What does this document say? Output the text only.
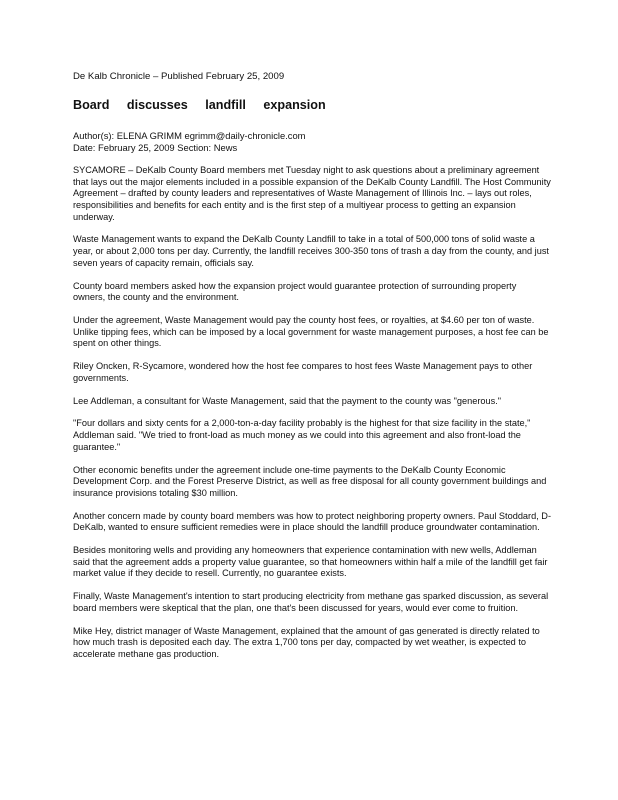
De Kalb Chronicle – Published February 25, 2009

Board discusses landfill expansion

Author(s): ELENA GRIMM egrimm@daily-chronicle.com

Date: February 25, 2009 Section: News

SYCAMORE – DeKalb County Board members met Tuesday night to ask questions about a preliminary agreement that lays out the major elements included in a possible expansion of the DeKalb County Landfill. The Host Community Agreement – drafted by county leaders and representatives of Waste Management of Illinois Inc. – lays out roles, responsibilities and benefits for each entity and is the first step of a multiyear process to getting an expansion underway.

Waste Management wants to expand the DeKalb County Landfill to take in a total of 500,000 tons of solid waste a year, or about 2,000 tons per day. Currently, the landfill receives 300-350 tons of trash a day from the county, and just seven years of capacity remain, officials say.

County board members asked how the expansion project would guarantee protection of surrounding property owners, the county and the environment.

Under the agreement, Waste Management would pay the county host fees, or royalties, at $4.60 per ton of waste. Unlike tipping fees, which can be imposed by a local government for waste management purposes, a host fee can be spent on other things.

Riley Oncken, R-Sycamore, wondered how the host fee compares to host fees Waste Management pays to other governments.

Lee Addleman, a consultant for Waste Management, said that the payment to the county was "generous."

"Four dollars and sixty cents for a 2,000-ton-a-day facility probably is the highest for that size facility in the state," Addleman said. "We tried to front-load as much money as we could into this agreement and also front-load the guarantee."

Other economic benefits under the agreement include one-time payments to the DeKalb County Economic Development Corp. and the Forest Preserve District, as well as free disposal for all county government buildings and insurance provisions totaling $30 million.

Another concern made by county board members was how to protect neighboring property owners. Paul Stoddard, D-DeKalb, wanted to ensure sufficient remedies were in place should the landfill produce groundwater contamination.

Besides monitoring wells and providing any homeowners that experience contamination with new wells, Addleman said that the agreement adds a property value guarantee, so that homeowners within half a mile of the landfill get fair market value if they decide to resell. Currently, no guarantee exists.

Finally, Waste Management's intention to start producing electricity from methane gas sparked discussion, as several board members were skeptical that the plan, one that's been discussed for years, would ever come to fruition.

Mike Hey, district manager of Waste Management, explained that the amount of gas generated is directly related to how much trash is deposited each day. The extra 1,700 tons per day, compacted by wet weather, is expected to accelerate methane gas production.
